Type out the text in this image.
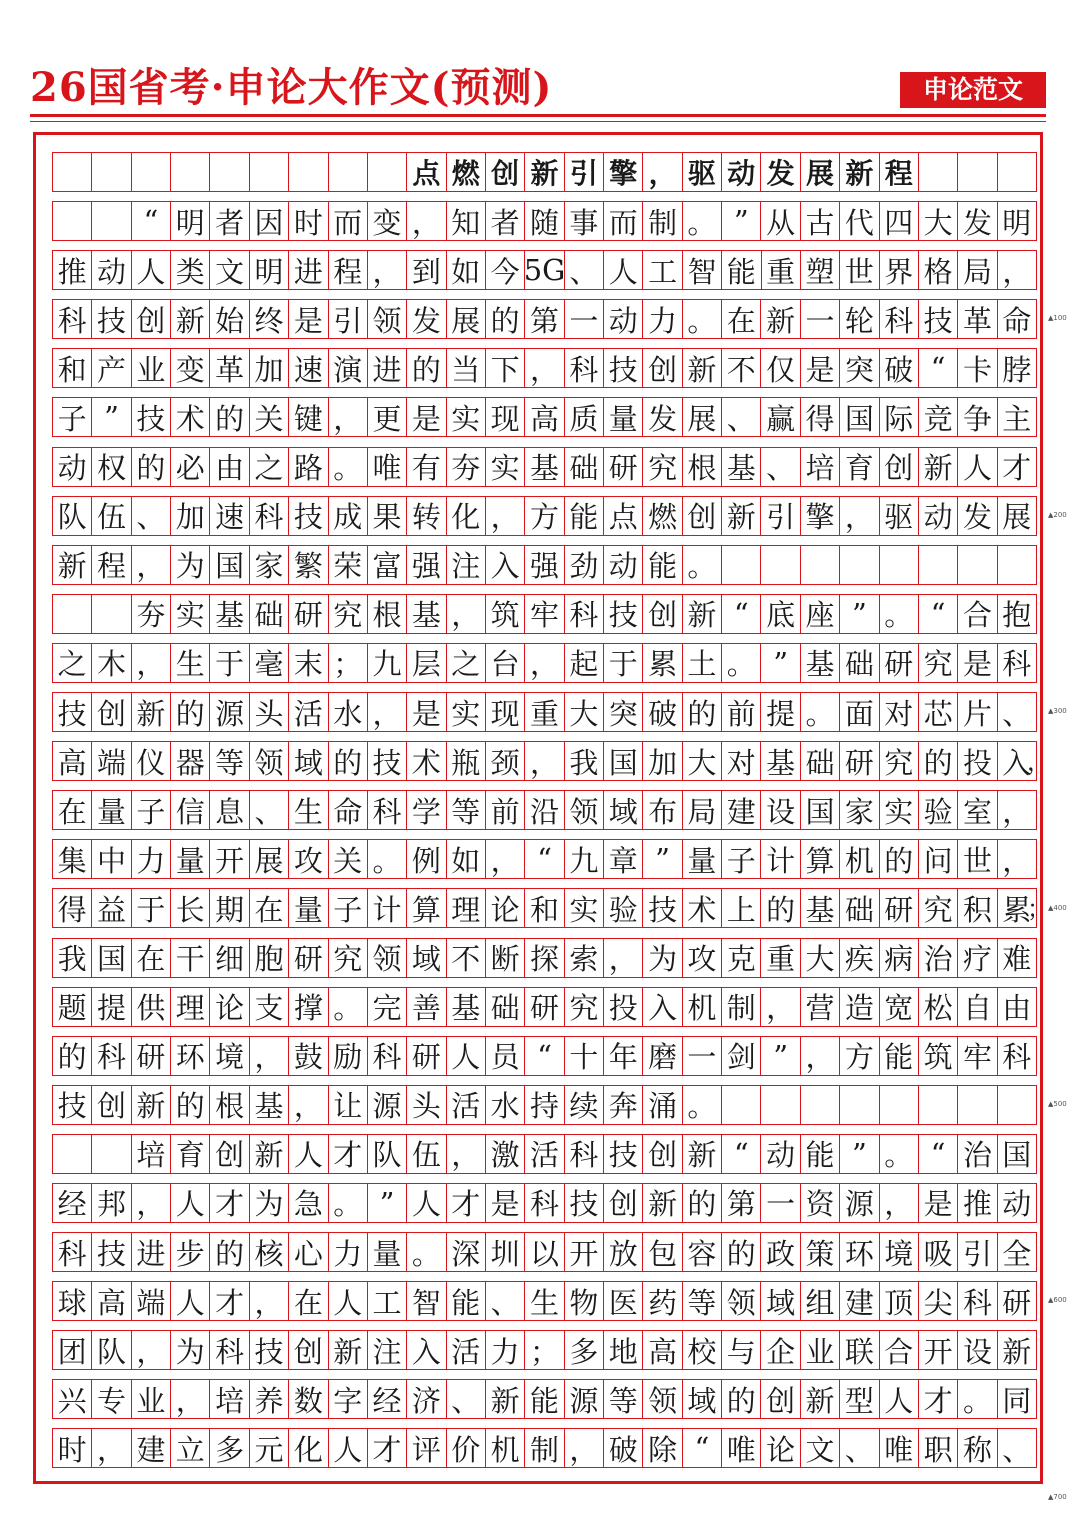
26国省考·申论大作文(预测)	申论范文
点 燃 创 新 引 擎 ， 驱 动 发 展 新 程
“ 明 者 因 时 而 变 ， 知 者 随 事 而 制 。 ” 从 古 代 四 大 发 明
推 动 人 类 文 明 进 程 ， 到 如 今 5G 、 人 工 智 能 重 塑 世 界 格 局 ，
科 技 创 新 始 终 是 引 领 发 展 的 第 一 动 力 。 在 新 一 轮 科 技 革 命
和 产 业 变 革 加 速 演 进 的 当 下 ， 科 技 创 新 不 仅 是 突 破 “ 卡 脖
子 ” 技 术 的 关 键 ， 更 是 实 现 高 质 量 发 展 、 赢 得 国 际 竞 争 主
动 权 的 必 由 之 路 。 唯 有 夯 实 基 础 研 究 根 基 、 培 育 创 新 人 才
队 伍 、 加 速 科 技 成 果 转 化 ， 方 能 点 燃 创 新 引 擎 ， 驱 动 发 展
新 程 ， 为 国 家 繁 荣 富 强 注 入 强 劲 动 能 。
夯 实 基 础 研 究 根 基 ， 筑 牢 科 技 创 新 “ 底 座 ” 。 “ 合 抱
之 木 ， 生 于 毫 末 ； 九 层 之 台 ， 起 于 累 土 。 ” 基 础 研 究 是 科
技 创 新 的 源 头 活 水 ， 是 实 现 重 大 突 破 的 前 提 。 面 对 芯 片 、
高 端 仪 器 等 领 域 的 技 术 瓶 颈 ， 我 国 加 大 对 基 础 研 究 的 投 入
，
在 量 子 信 息 、 生 命 科 学 等 前 沿 领 域 布 局 建 设 国 家 实 验 室 ，
集 中 力 量 开 展 攻 关 。 例 如 ， “ 九 章 ” 量 子 计 算 机 的 问 世 ，
得 益 于 长 期 在 量 子 计 算 理 论 和 实 验 技 术 上 的 基 础 研 究 积 累
；
我 国 在 干 细 胞 研 究 领 域 不 断 探 索 ， 为 攻 克 重 大 疾 病 治 疗 难
题 提 供 理 论 支 撑 。 完 善 基 础 研 究 投 入 机 制 ， 营 造 宽 松 自 由
的 科 研 环 境 ， 鼓 励 科 研 人 员 “ 十 年 磨 一 剑 ” ， 方 能 筑 牢 科
技 创 新 的 根 基 ， 让 源 头 活 水 持 续 奔 涌 。
培 育 创 新 人 才 队 伍 ， 激 活 科 技 创 新 “ 动 能 ” 。 “ 治 国
经 邦 ， 人 才 为 急 。 ” 人 才 是 科 技 创 新 的 第 一 资 源 ， 是 推 动
科 技 进 步 的 核 心 力 量 。 深 圳 以 开 放 包 容 的 政 策 环 境 吸 引 全
球 高 端 人 才 ， 在 人 工 智 能 、 生 物 医 药 等 领 域 组 建 顶 尖 科 研
团 队 ， 为 科 技 创 新 注 入 活 力 ； 多 地 高 校 与 企 业 联 合 开 设 新
兴 专 业 ， 培 养 数 字 经 济 、 新 能 源 等 领 域 的 创 新 型 人 才 。 同
时 ， 建 立 多 元 化 人 才 评 价 机 制 ， 破 除 “ 唯 论 文 、 唯 职 称 、
▲100
▲200
▲300
▲400
▲500
▲600
▲700
